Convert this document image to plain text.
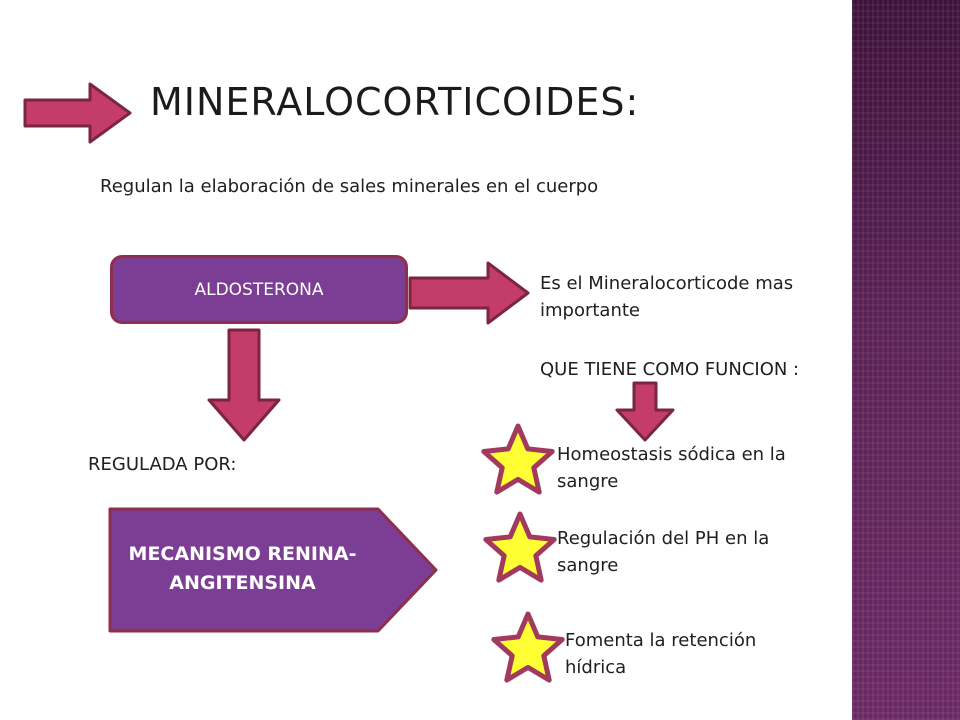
MINERALOCORTICOIDES:
Regulan la elaboración de sales minerales en el cuerpo
ALDOSTERONA	Es el Mineralocorticode mas importante
QUE TIENE COMO FUNCION :
REGULADA POR:
MECANISMO RENINA-ANGITENSINA
Homeostasis sódica en la sangre
Regulación del PH en la sangre
Fomenta la retención hídrica
